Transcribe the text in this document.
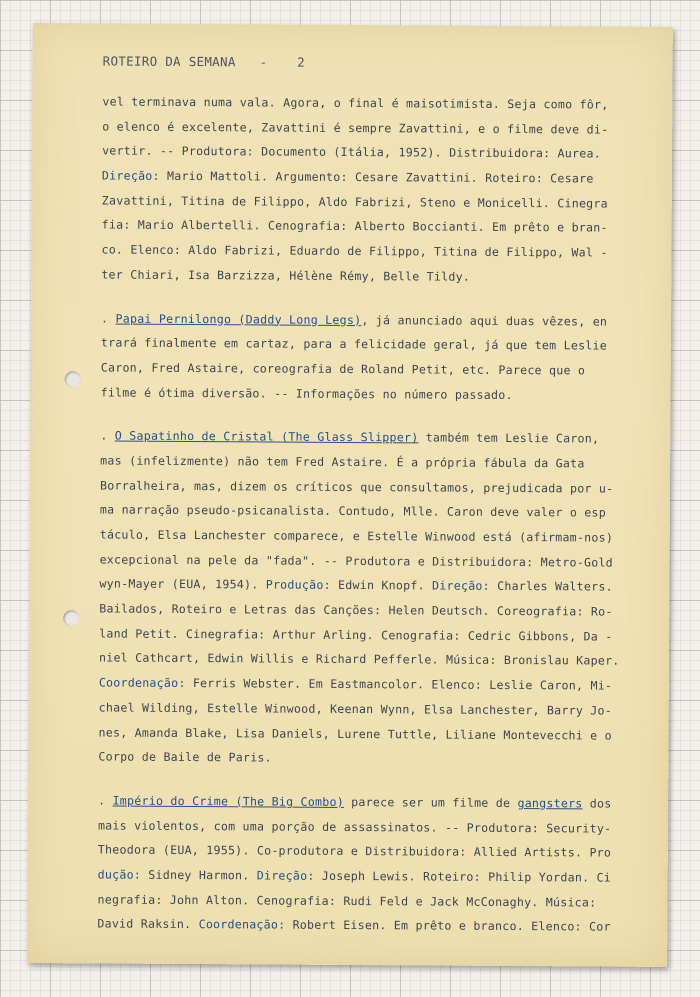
ROTEIRO DA SEMANA - 2
vel terminava numa vala. Agora, o final é maisotimista. Seja como fôr,
o elenco é excelente, Zavattini é sempre Zavattini, e o filme deve di-
vertir. -- Produtora: Documento (Itália, 1952). Distribuidora: Aurea.
Direção: Mario Mattoli. Argumento: Cesare Zavattini. Roteiro: Cesare
Zavattini, Titina de Filippo, Aldo Fabrizi, Steno e Monicelli. Cinegra
fia: Mario Albertelli. Cenografia: Alberto Boccianti. Em prêto e bran-
co. Elenco: Aldo Fabrizi, Eduardo de Filippo, Titina de Filippo, Wal -
ter Chiari, Isa Barzizza, Hélène Rémy, Belle Tildy.
. Papai Pernilongo (Daddy Long Legs), já anunciado aqui duas vêzes, en
trará finalmente em cartaz, para a felicidade geral, já que tem Leslie
Caron, Fred Astaire, coreografia de Roland Petit, etc. Parece que o
filme é ótima diversão. -- Informações no número passado.
. O Sapatinho de Cristal (The Glass Slipper) também tem Leslie Caron,
mas (infelizmente) não tem Fred Astaire. É a própria fábula da Gata
Borralheira, mas, dizem os críticos que consultamos, prejudicada por u-
ma narração pseudo-psicanalista. Contudo, Mlle. Caron deve valer o esp
táculo, Elsa Lanchester comparece, e Estelle Winwood está (afirmam-nos)
excepcional na pele da "fada". -- Produtora e Distribuidora: Metro-Gold
wyn-Mayer (EUA, 1954). Produção: Edwin Knopf. Direção: Charles Walters.
Bailados, Roteiro e Letras das Canções: Helen Deutsch. Coreografia: Ro-
land Petit. Cinegrafia: Arthur Arling. Cenografia: Cedric Gibbons, Da -
niel Cathcart, Edwin Willis e Richard Pefferle. Música: Bronislau Kaper.
Coordenação: Ferris Webster. Em Eastmancolor. Elenco: Leslie Caron, Mi-
chael Wilding, Estelle Winwood, Keenan Wynn, Elsa Lanchester, Barry Jo-
nes, Amanda Blake, Lisa Daniels, Lurene Tuttle, Liliane Montevecchi e o
Corpo de Baile de Paris.
. Império do Crime (The Big Combo) parece ser um filme de gangsters dos
mais violentos, com uma porção de assassinatos. -- Produtora: Security-
Theodora (EUA, 1955). Co-produtora e Distribuidora: Allied Artists. Pro
dução: Sidney Harmon. Direção: Joseph Lewis. Roteiro: Philip Yordan. Ci
negrafia: John Alton. Cenografia: Rudi Feld e Jack McConaghy. Música:
David Raksin. Coordenação: Robert Eisen. Em prêto e branco. Elenco: Cor
